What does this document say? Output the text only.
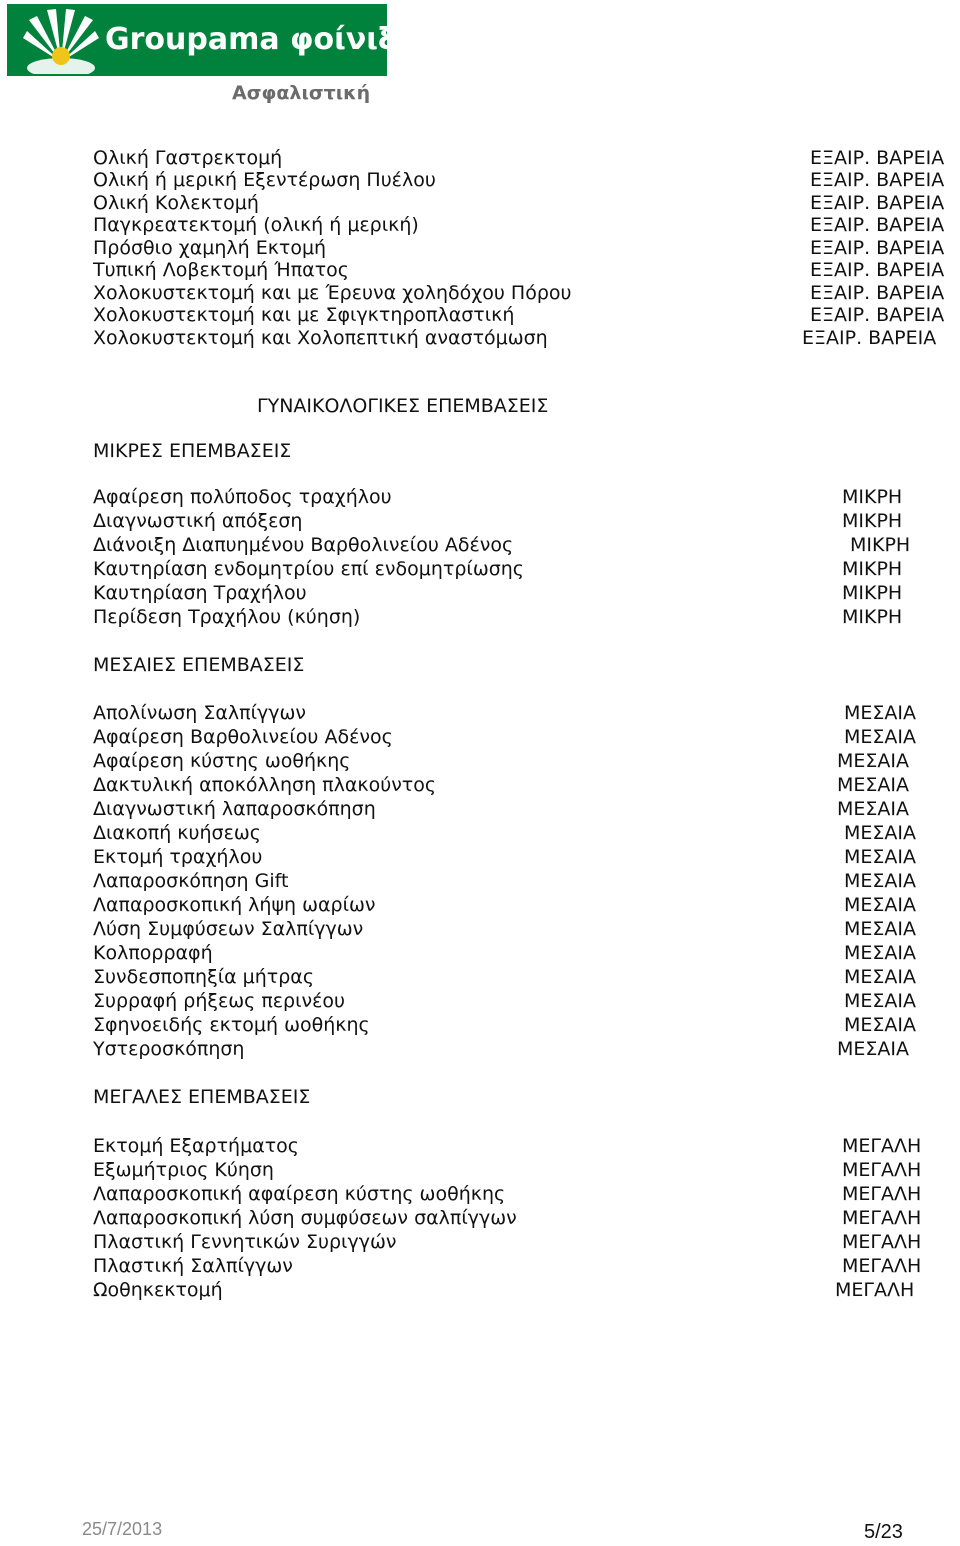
Groupama φοίνιξ
Ασφαλιστική
Ολική Γαστρεκτομή	ΕΞΑΙΡ. ΒΑΡΕΙΑ
Ολική ή μερική Εξεντέρωση Πυέλου	ΕΞΑΙΡ. ΒΑΡΕΙΑ
Ολική Κολεκτομή	ΕΞΑΙΡ. ΒΑΡΕΙΑ
Παγκρεατεκτομή (ολική ή μερική)	ΕΞΑΙΡ. ΒΑΡΕΙΑ
Πρόσθιο χαμηλή Εκτομή	ΕΞΑΙΡ. ΒΑΡΕΙΑ
Τυπική Λοβεκτομή Ήπατος	ΕΞΑΙΡ. ΒΑΡΕΙΑ
Χολοκυστεκτομή και με Έρευνα χοληδόχου Πόρου	ΕΞΑΙΡ. ΒΑΡΕΙΑ
Χολοκυστεκτομή και με Σφιγκτηροπλαστική	ΕΞΑΙΡ. ΒΑΡΕΙΑ
Χολοκυστεκτομή και Χολοπεπτική αναστόμωση	ΕΞΑΙΡ. ΒΑΡΕΙΑ
ΓΥΝΑΙΚΟΛΟΓΙΚΕΣ ΕΠΕΜΒΑΣΕΙΣ
ΜΙΚΡΕΣ ΕΠΕΜΒΑΣΕΙΣ
Αφαίρεση πολύποδος τραχήλου	ΜΙΚΡΗ
Διαγνωστική απόξεση	ΜΙΚΡΗ
Διάνοιξη Διαπυημένου Βαρθολινείου Αδένος	ΜΙΚΡΗ
Καυτηρίαση ενδομητρίου επί ενδομητρίωσης	ΜΙΚΡΗ
Καυτηρίαση Τραχήλου	ΜΙΚΡΗ
Περίδεση Τραχήλου (κύηση)	ΜΙΚΡΗ
ΜΕΣΑΙΕΣ ΕΠΕΜΒΑΣΕΙΣ
Απολίνωση Σαλπίγγων	ΜΕΣΑΙΑ
Αφαίρεση Βαρθολινείου Αδένος	ΜΕΣΑΙΑ
Αφαίρεση κύστης ωοθήκης	ΜΕΣΑΙΑ
Δακτυλική αποκόλληση πλακούντος	ΜΕΣΑΙΑ
Διαγνωστική λαπαροσκόπηση	ΜΕΣΑΙΑ
Διακοπή κυήσεως	ΜΕΣΑΙΑ
Εκτομή τραχήλου	ΜΕΣΑΙΑ
Λαπαροσκόπηση Gift	ΜΕΣΑΙΑ
Λαπαροσκοπική λήψη ωαρίων	ΜΕΣΑΙΑ
Λύση Συμφύσεων Σαλπίγγων	ΜΕΣΑΙΑ
Κολπορραφή	ΜΕΣΑΙΑ
Συνδεσποπηξία μήτρας	ΜΕΣΑΙΑ
Συρραφή ρήξεως περινέου	ΜΕΣΑΙΑ
Σφηνοειδής εκτομή ωοθήκης	ΜΕΣΑΙΑ
Υστεροσκόπηση	ΜΕΣΑΙΑ
ΜΕΓΑΛΕΣ ΕΠΕΜΒΑΣΕΙΣ
Εκτομή Εξαρτήματος	ΜΕΓΑΛΗ
Εξωμήτριος Κύηση	ΜΕΓΑΛΗ
Λαπαροσκοπική αφαίρεση κύστης ωοθήκης	ΜΕΓΑΛΗ
Λαπαροσκοπική λύση συμφύσεων σαλπίγγων	ΜΕΓΑΛΗ
Πλαστική Γεννητικών Συριγγών	ΜΕΓΑΛΗ
Πλαστική Σαλπίγγων	ΜΕΓΑΛΗ
Ωοθηκεκτομή	ΜΕΓΑΛΗ
25/7/2013	5/23
